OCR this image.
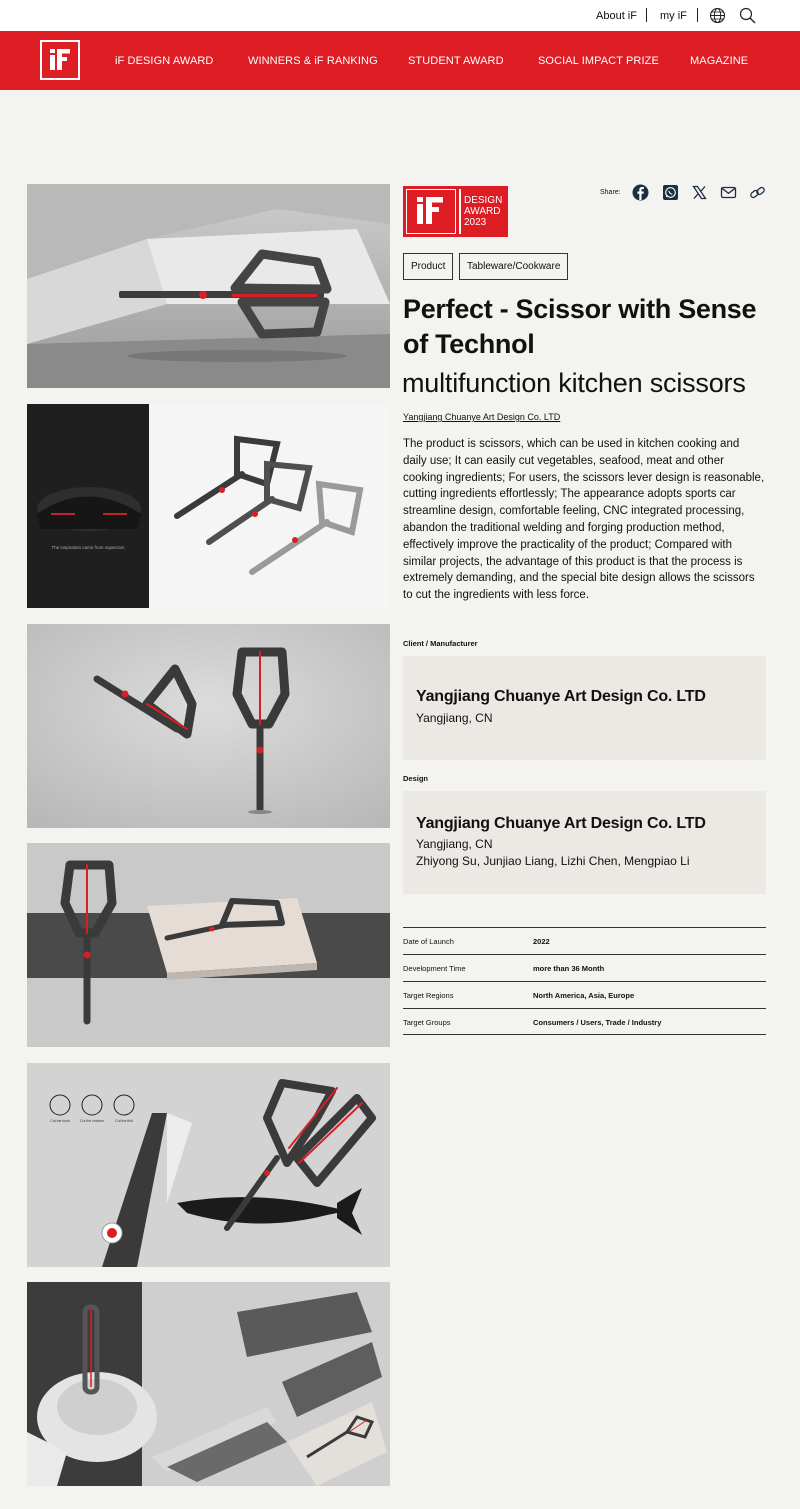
About iF my iF
iF DESIGN AWARD	WINNERS & iF RANKING	STUDENT AWARD	SOCIAL IMPACT PRIZE	MAGAZINE
The inspiration came from supercars
Cut the duck	Cut the chicken	Cut the fish
DESIGN
AWARD
2023
Share:
Product	Tableware/Cookware
Perfect - Scissor with Sense of Technol
multifunction kitchen scissors
Yangjiang Chuanye Art Design Co. LTD

The product is scissors, which can be used in kitchen cooking and daily use; It can easily cut vegetables, seafood, meat and other cooking ingredients; For users, the scissors lever design is reasonable, cutting ingredients effortlessly; The appearance adopts sports car streamline design, comfortable feeling, CNC integrated processing, abandon the traditional welding and forging production method, effectively improve the practicality of the product; Compared with similar projects, the advantage of this product is that the process is extremely demanding, and the special bite design allows the scissors to cut the ingredients with less force.

Client / Manufacturer
Yangjiang Chuanye Art Design Co. LTD
Yangjiang, CN
Design
Yangjiang Chuanye Art Design Co. LTD
Yangjiang, CN
Zhiyong Su, Junjiao Liang, Lizhi Chen, Mengpiao Li
Date of Launch	2022
Development Time	more than 36 Month
Target Regions	North America, Asia, Europe
Target Groups	Consumers / Users, Trade / Industry
